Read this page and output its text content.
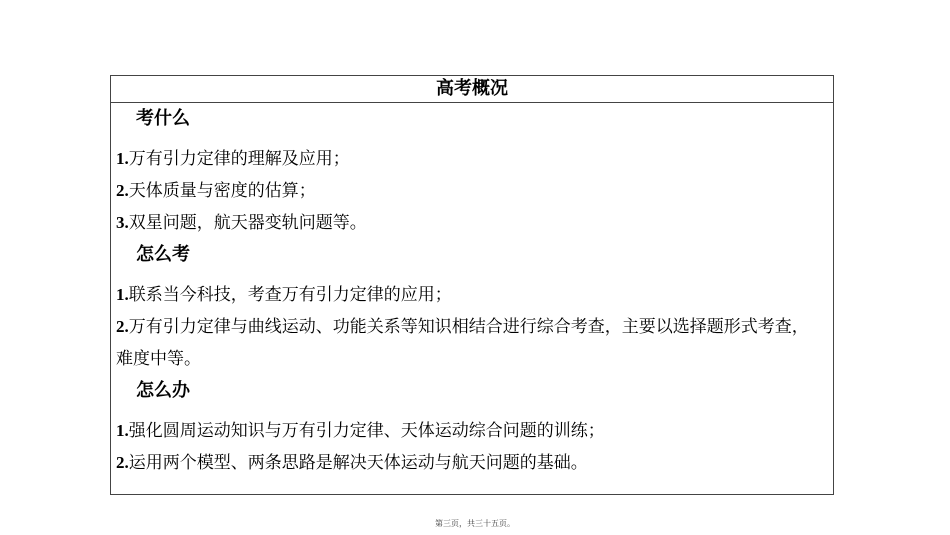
高考概况
考什么
1.万有引力定律的理解及应用；
2.天体质量与密度的估算；
3.双星问题，航天器变轨问题等。
怎么考
1.联系当今科技，考查万有引力定律的应用；
2.万有引力定律与曲线运动、功能关系等知识相结合进行综合考查，主要以选择题形式考查，难度中等。
怎么办
1.强化圆周运动知识与万有引力定律、天体运动综合问题的训练；
2.运用两个模型、两条思路是解决天体运动与航天问题的基础。
第三页，共三十五页。
